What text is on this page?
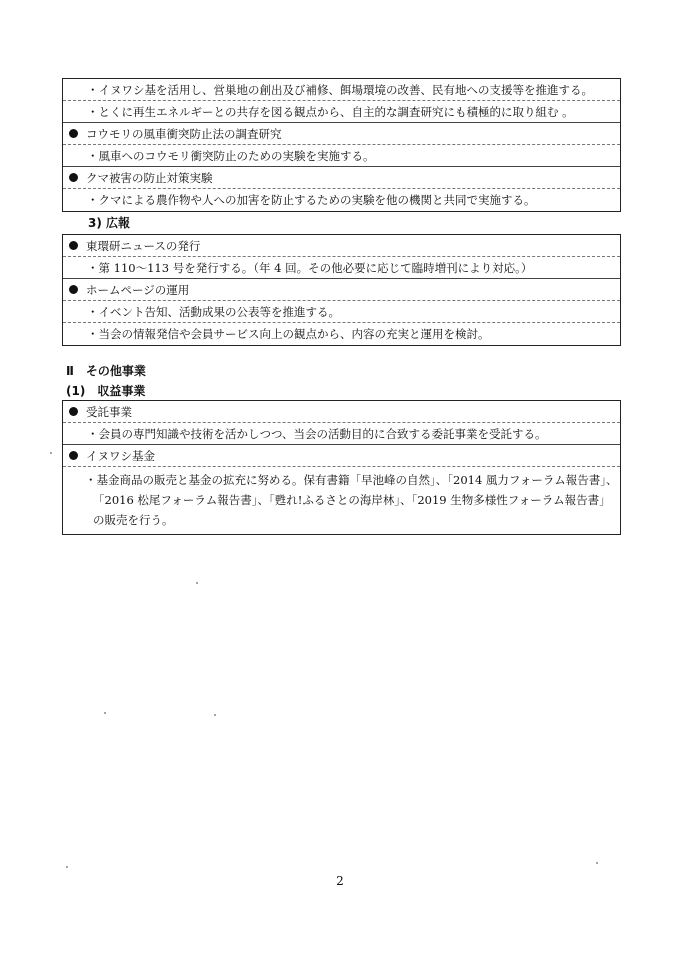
・イヌワシ基を活用し、営巣地の創出及び補修、餌場環境の改善、民有地への支援等を推進する。
・とくに再生エネルギーとの共存を図る観点から、自主的な調査研究にも積極的に取り組む 。
コウモリの風車衝突防止法の調査研究
・風車へのコウモリ衝突防止のための実験を実施する。
クマ被害の防止対策実験
・クマによる農作物や人への加害を防止するための実験を他の機関と共同で実施する。
3) 広報
東環研ニュースの発行
・第 110〜113 号を発行する。（年 4 回。その他必要に応じて臨時増刊により対応。）
ホームページの運用
・イベント告知、活動成果の公表等を推進する。
・当会の情報発信や会員サービス向上の観点から、内容の充実と運用を検討。
Ⅱ　その他事業
(1)　収益事業
受託事業
・会員の専門知識や技術を活かしつつ、当会の活動目的に合致する委託事業を受託する。
イヌワシ基金
・基金商品の販売と基金の拡充に努める。保有書籍「早池峰の自然」、「2014 風力フォーラム報告書」、
「2016 松尾フォーラム報告書」、「甦れ!ふるさとの海岸林」、「2019 生物多様性フォーラム報告書」
の販売を行う。
2
